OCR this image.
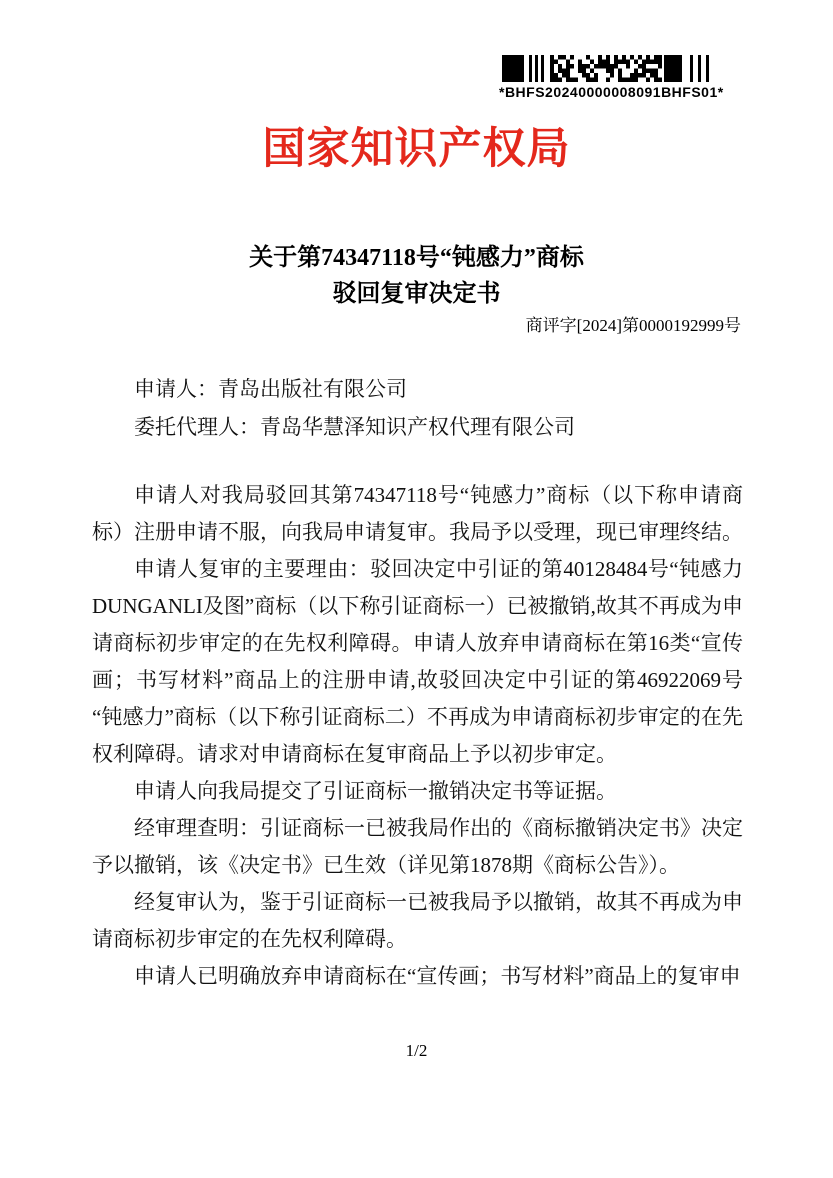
*BHFS20240000008091BHFS01*
国家知识产权局
关于第74347118号“钝感力”商标
驳回复审决定书
商评字[2024]第0000192999号

申请人：青岛出版社有限公司

委托代理人：青岛华慧泽知识产权代理有限公司

申请人对我局驳回其第74347118号“钝感力”商标（以下称申请商标）注册申请不服，向我局申请复审。我局予以受理，现已审理终结。

申请人复审的主要理由：驳回决定中引证的第40128484号“钝感力DUNGANLI及图”商标（以下称引证商标一）已被撤销,故其不再成为申请商标初步审定的在先权利障碍。申请人放弃申请商标在第16类“宣传画；书写材料”商品上的注册申请,故驳回决定中引证的第46922069号“钝感力”商标（以下称引证商标二）不再成为申请商标初步审定的在先权利障碍。请求对申请商标在复审商品上予以初步审定。

申请人向我局提交了引证商标一撤销决定书等证据。

经审理查明：引证商标一已被我局作出的《商标撤销决定书》决定予以撤销，该《决定书》已生效（详见第1878期《商标公告》）。

经复审认为，鉴于引证商标一已被我局予以撤销，故其不再成为申请商标初步审定的在先权利障碍。

申请人已明确放弃申请商标在“宣传画；书写材料”商品上的复审申

1/2
